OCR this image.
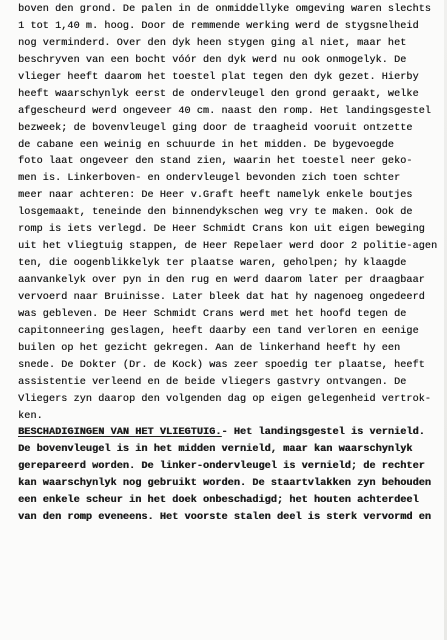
boven den grond. De palen in de onmiddellyke omgeving waren slechts
1 tot 1,40 m. hoog. Door de remmende werking werd de stygsnelheid
nog verminderd. Over den dyk heen stygen ging al niet, maar het
beschryven van een bocht vóór den dyk werd nu ook onmogelyk. De
vlieger heeft daarom het toestel plat tegen den dyk gezet. Hierby
heeft waarschynlyk eerst de ondervleugel den grond geraakt, welke
afgescheurd werd ongeveer 40 cm. naast den romp. Het landingsgestel
bezweek; de bovenvleugel ging door de traagheid vooruit ontzette
de cabane een weinig en schuurde in het midden. De bygevoegde
foto laat ongeveer den stand zien, waarin het toestel neer geko-
men is. Linkerboven- en ondervleugel bevonden zich toen schter
meer naar achteren: De Heer v.Graft heeft namelyk enkele boutjes
losgemaakt, teneinde den binnendykschen weg vry te maken. Ook de
romp is iets verlegd. De Heer Schmidt Crans kon uit eigen beweging
uit het vliegtuig stappen, de Heer Repelaer werd door 2 politie-agen
ten, die oogenblikkelyk ter plaatse waren, geholpen; hy klaagde
aanvankelyk over pyn in den rug en werd daarom later per draagbaar
vervoerd naar Bruinisse. Later bleek dat hat hy nagenoeg ongedeerd
was gebleven. De Heer Schmidt Crans werd met het hoofd tegen de
capitonneering geslagen, heeft daarby een tand verloren en eenige
builen op het gezicht gekregen. Aan de linkerhand heeft hy een
snede. De Dokter (Dr. de Kock) was zeer spoedig ter plaatse, heeft
assistentie verleend en de beide vliegers gastvry ontvangen. De
Vliegers zyn daarop den volgenden dag op eigen gelegenheid vertrok-
ken.
BESCHADIGINGEN VAN HET VLIEGTUIG.- Het landingsgestel is vernield.
De bovenvleugel is in het midden vernield, maar kan waarschynlyk
gerepareerd worden. De linker-ondervleugel is vernield; de rechter
kan waarschynlyk nog gebruikt worden. De staartvlakken zyn behouden
een enkele scheur in het doek onbeschadigd; het houten achterdeel
van den romp eveneens. Het voorste stalen deel is sterk vervormd en
